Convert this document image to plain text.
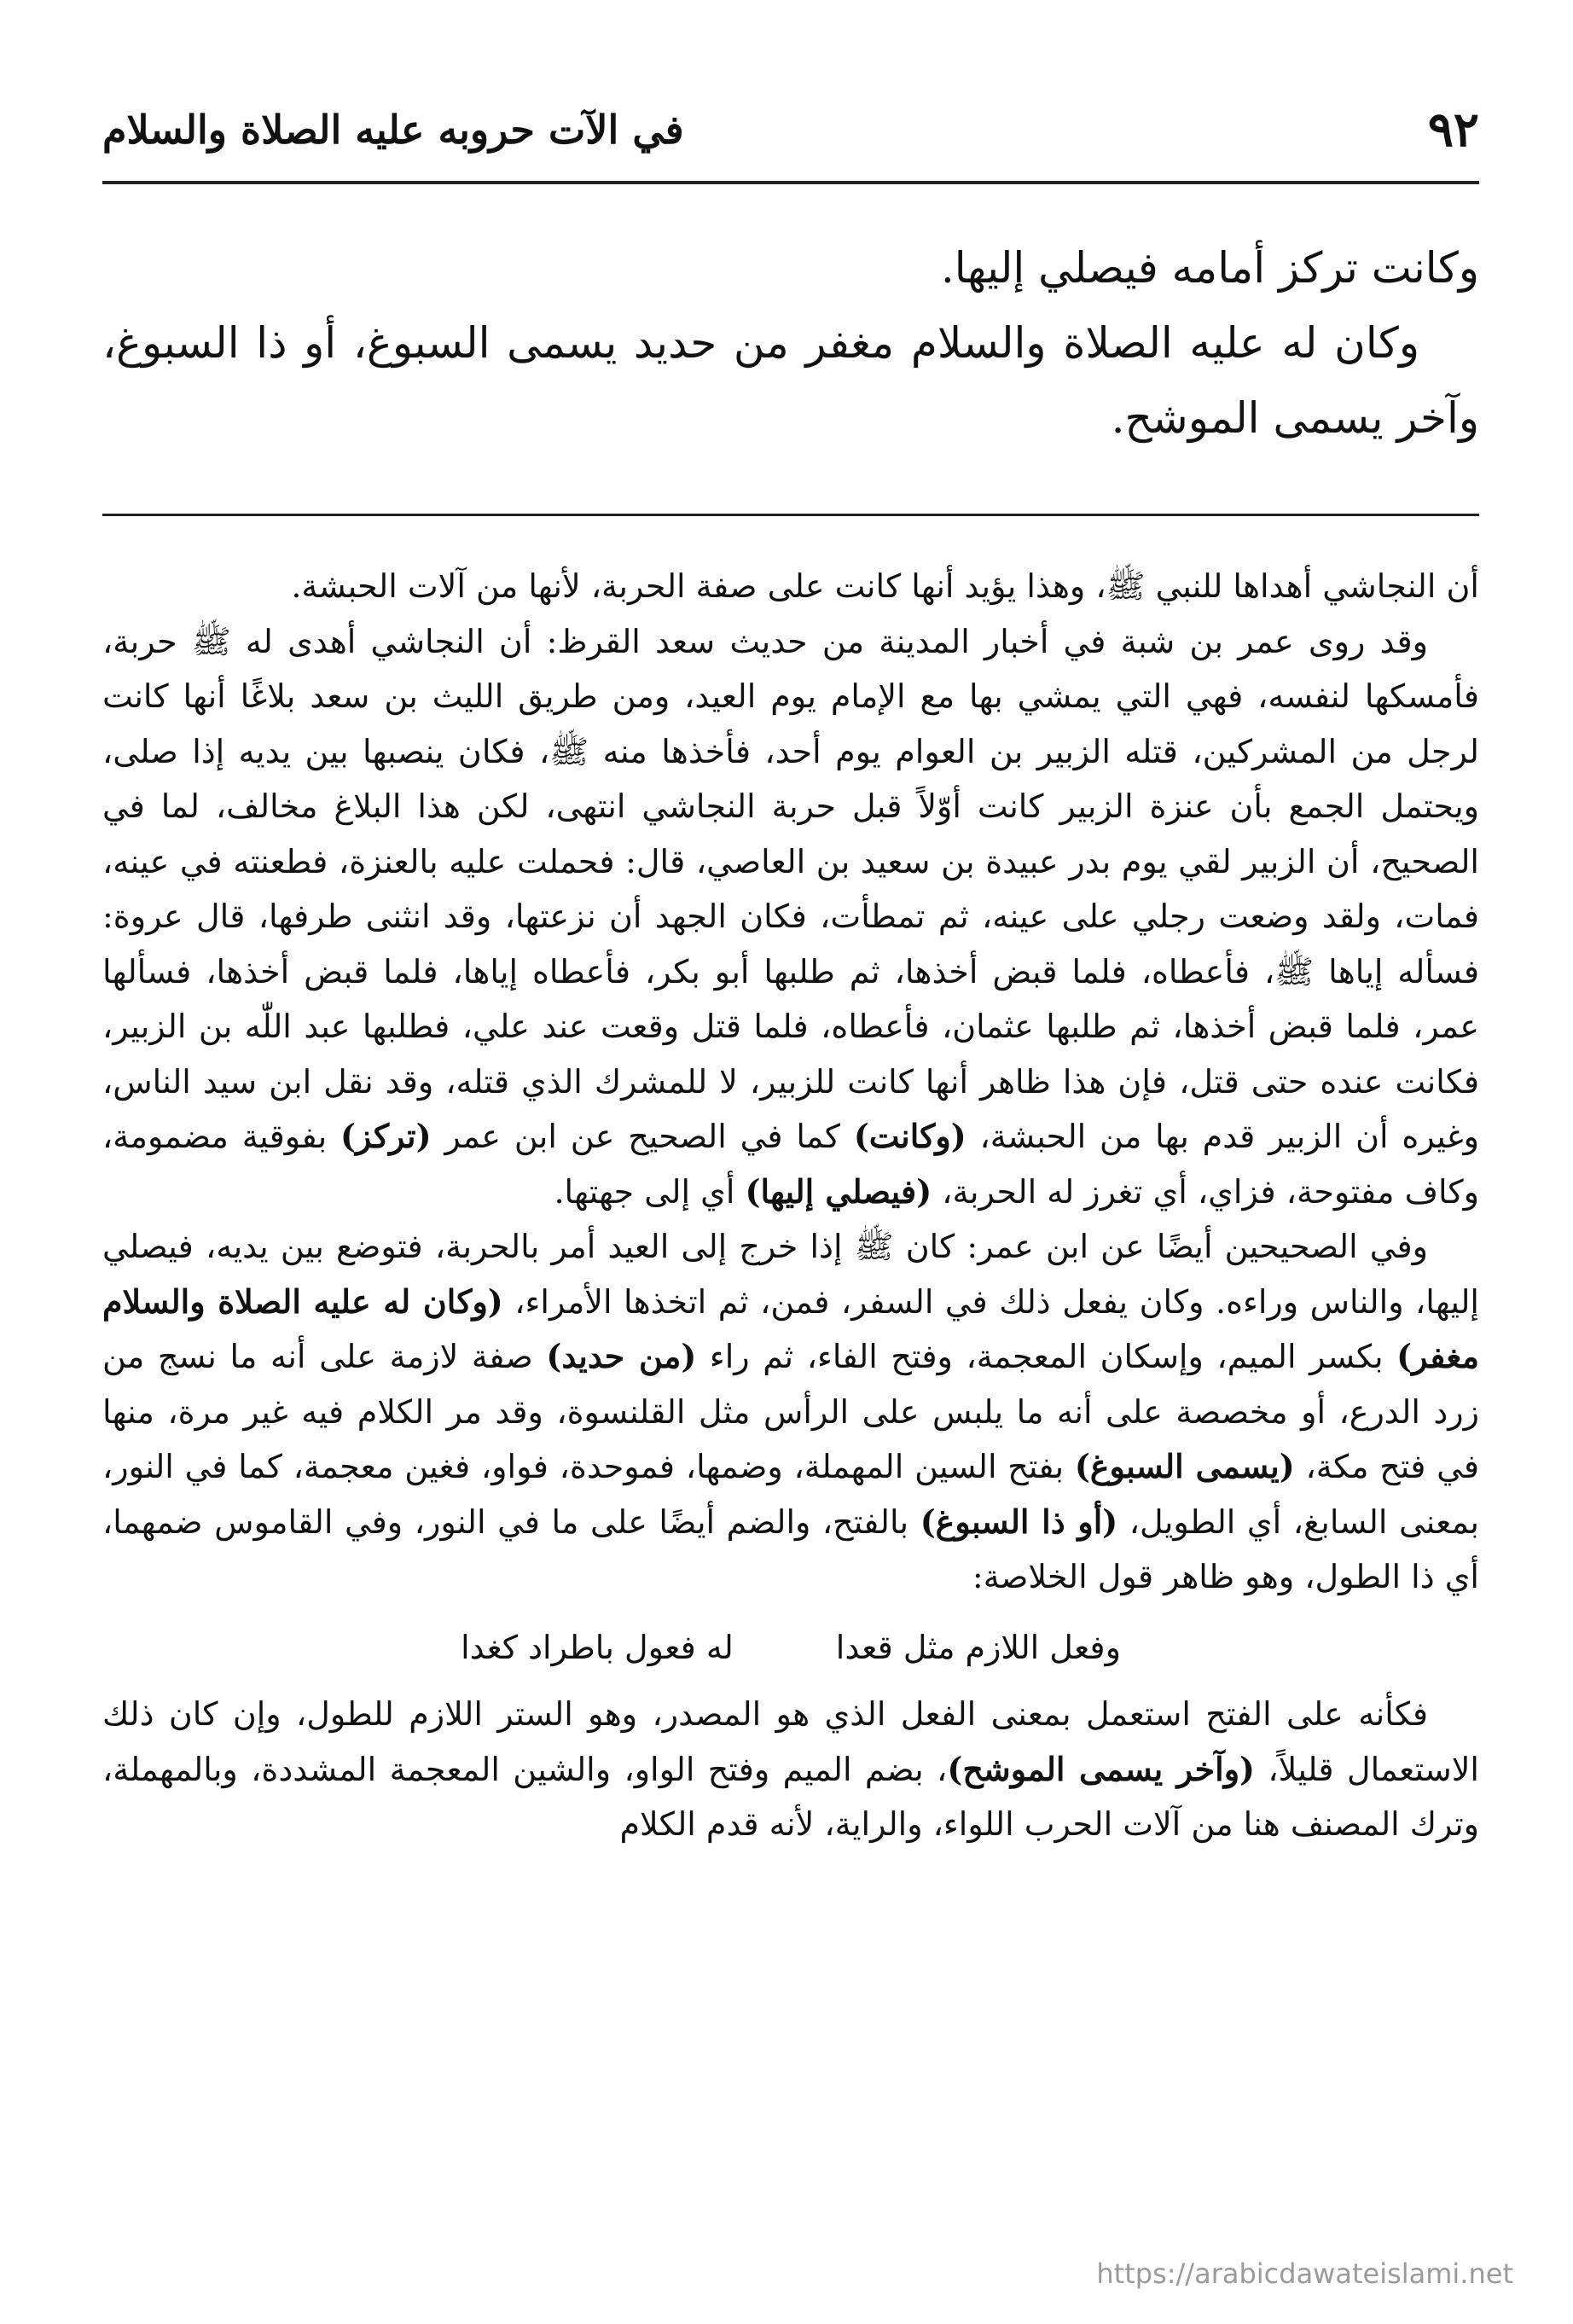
٩٢
في الآت حروبه عليه الصلاة والسلام

وكانت تركز أمامه فيصلي إليها.

وكان له عليه الصلاة والسلام مغفر من حديد يسمى السبوغ، أو ذا السبوغ، وآخر يسمى الموشح.

أن النجاشي أهداها للنبي ﷺ، وهذا يؤيد أنها كانت على صفة الحربة، لأنها من آلات الحبشة.

وقد روى عمر بن شبة في أخبار المدينة من حديث سعد القرظ: أن النجاشي أهدى له ﷺ حربة، فأمسكها لنفسه، فهي التي يمشي بها مع الإمام يوم العيد، ومن طريق الليث بن سعد بلاغًا أنها كانت لرجل من المشركين، قتله الزبير بن العوام يوم أحد، فأخذها منه ﷺ، فكان ينصبها بين يديه إذا صلى، ويحتمل الجمع بأن عنزة الزبير كانت أوّلاً قبل حربة النجاشي انتهى، لكن هذا البلاغ مخالف، لما في الصحيح، أن الزبير لقي يوم بدر عبيدة بن سعيد بن العاصي، قال: فحملت عليه بالعنزة، فطعنته في عينه، فمات، ولقد وضعت رجلي على عينه، ثم تمطأت، فكان الجهد أن نزعتها، وقد انثنى طرفها، قال عروة: فسأله إياها ﷺ، فأعطاه، فلما قبض أخذها، ثم طلبها أبو بكر، فأعطاه إياها، فلما قبض أخذها، فسألها عمر، فلما قبض أخذها، ثم طلبها عثمان، فأعطاه، فلما قتل وقعت عند علي، فطلبها عبد اللّٰه بن الزبير، فكانت عنده حتى قتل، فإن هذا ظاهر أنها كانت للزبير، لا للمشرك الذي قتله، وقد نقل ابن سيد الناس، وغيره أن الزبير قدم بها من الحبشة، (وكانت) كما في الصحيح عن ابن عمر (تركز) بفوقية مضمومة، وكاف مفتوحة، فزاي، أي تغرز له الحربة، (فيصلي إليها) أي إلى جهتها.

وفي الصحيحين أيضًا عن ابن عمر: كان ﷺ إذا خرج إلى العيد أمر بالحربة، فتوضع بين يديه، فيصلي إليها، والناس وراءه. وكان يفعل ذلك في السفر، فمن، ثم اتخذها الأمراء، (وكان له عليه الصلاة والسلام مغفر) بكسر الميم، وإسكان المعجمة، وفتح الفاء، ثم راء (من حديد) صفة لازمة على أنه ما نسج من زرد الدرع، أو مخصصة على أنه ما يلبس على الرأس مثل القلنسوة، وقد مر الكلام فيه غير مرة، منها في فتح مكة، (يسمى السبوغ) بفتح السين المهملة، وضمها، فموحدة، فواو، فغين معجمة، كما في النور، بمعنى السابغ، أي الطويل، (أو ذا السبوغ) بالفتح، والضم أيضًا على ما في النور، وفي القاموس ضمهما، أي ذا الطول، وهو ظاهر قول الخلاصة:

وفعل اللازم مثل قعدا
له فعول باطراد كغدا

فكأنه على الفتح استعمل بمعنى الفعل الذي هو المصدر، وهو الستر اللازم للطول، وإن كان ذلك الاستعمال قليلاً، (وآخر يسمى الموشح)، بضم الميم وفتح الواو، والشين المعجمة المشددة، وبالمهملة، وترك المصنف هنا من آلات الحرب اللواء، والراية، لأنه قدم الكلام

https://arabicdawateislami.net
